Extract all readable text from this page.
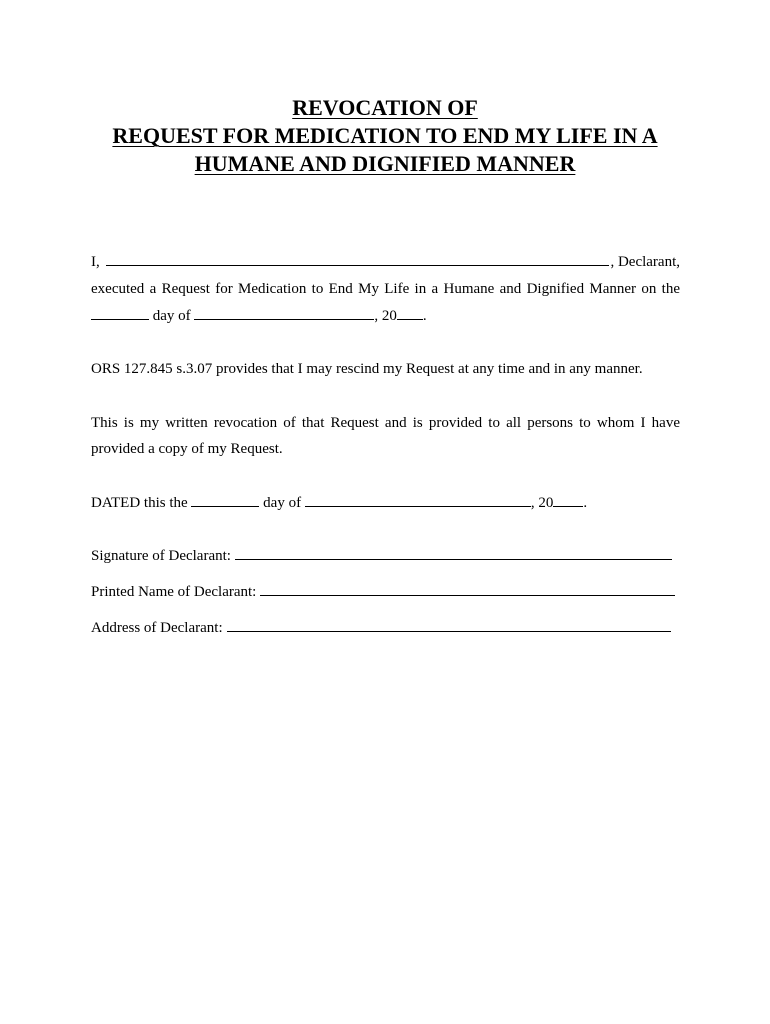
REVOCATION OF
REQUEST FOR MEDICATION TO END MY LIFE IN A
HUMANE AND DIGNIFIED MANNER
I,	, Declarant,
executed a Request for Medication to End My Life in a Humane and Dignified Manner on the
day of	, 20 .
ORS 127.845 s.3.07 provides that I may rescind my Request at any time and in any manner.
This is my written revocation of that Request and is provided to all persons to whom I have
provided a copy of my Request.
DATED this the	day of	, 20 .
Signature of Declarant:
Printed Name of Declarant:
Address of Declarant:
